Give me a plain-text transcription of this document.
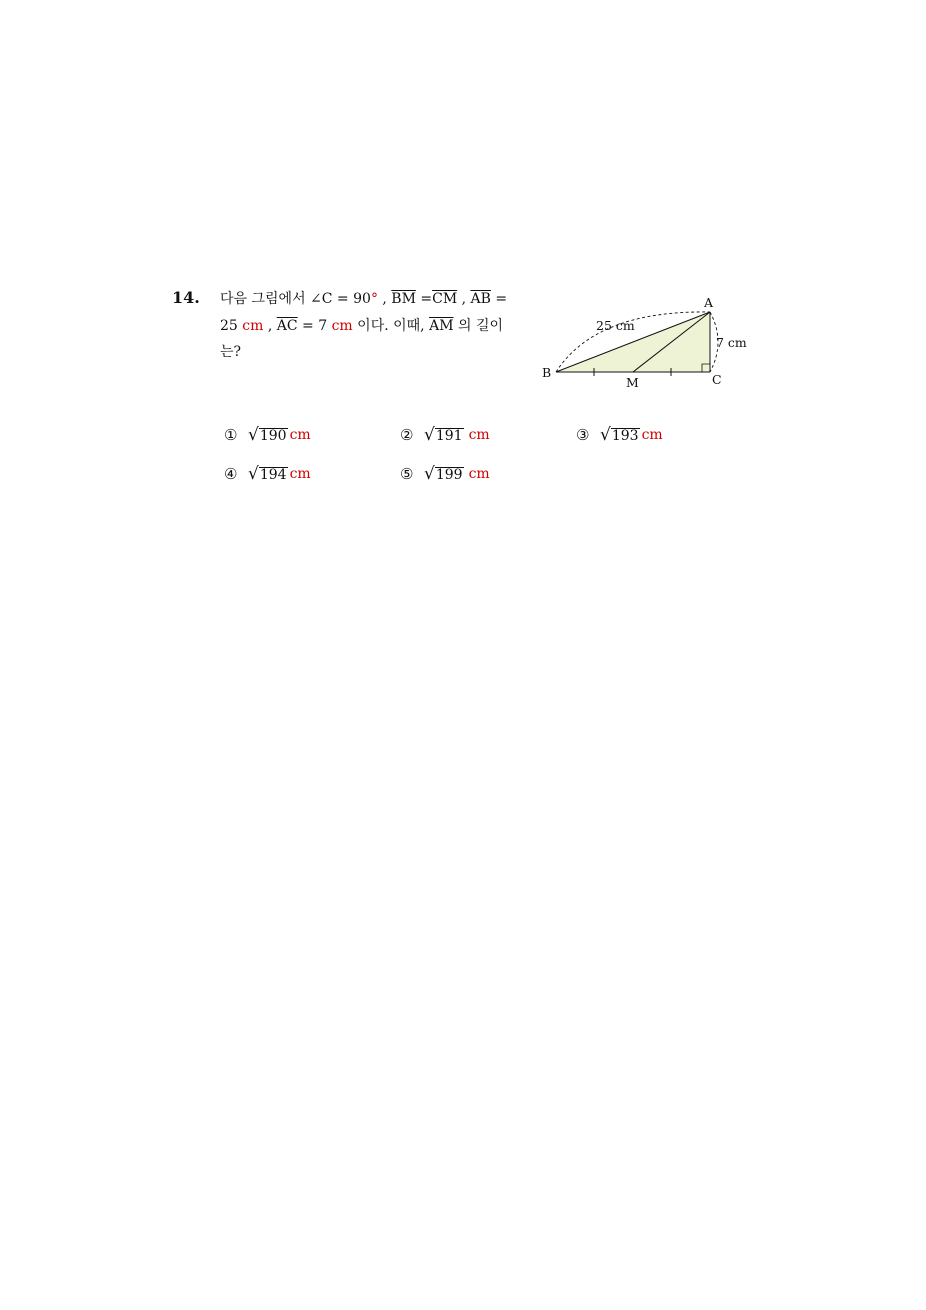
14. 다음 그림에서 ∠C = 90° , $\overline{BM} =\overline{CM}$ , $\overline{AB}$ =
25 cm , $\overline{AC} = 7$ cm 이다. 이때, $\overline{AM}$ 의 길이
는?
A
B	C
M
25 cm
7 cm
① √ 190 cm	② √ 191 cm	③ √ 193 cm
④ √ 194 cm	⑤ √ 199 cm
